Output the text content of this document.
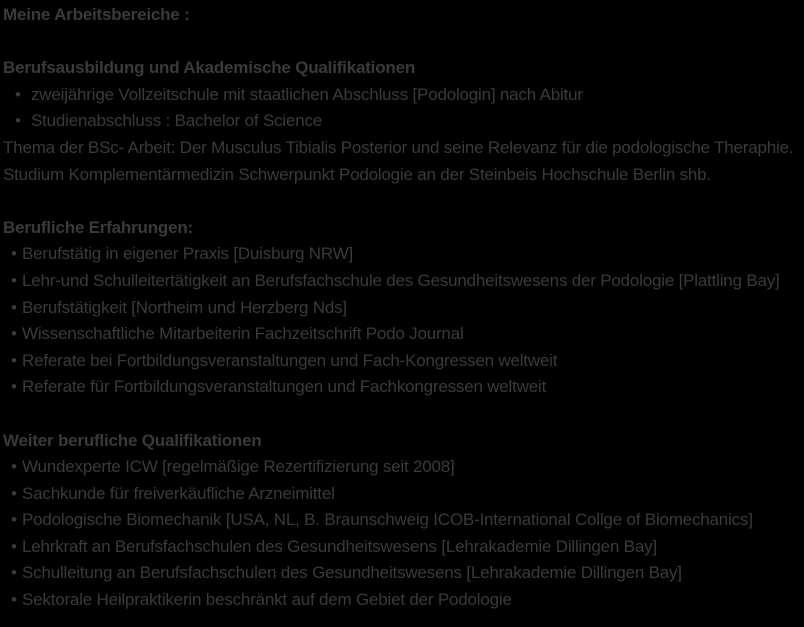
Meine Arbeitsbereiche :

Berufsausbildung und Akademische Qualifikationen

• zweijährige Vollzeitschule mit staatlichen Abschluss [Podologin] nach Abitur
• Studienabschluss : Bachelor of Science

Thema der BSc- Arbeit: Der Musculus Tibialis Posterior und seine Relevanz für die podologische Theraphie.

Studium Komplementärmedizin Schwerpunkt Podologie an der Steinbeis Hochschule Berlin shb.

Berufliche Erfahrungen:

• Berufstätig in eigener Praxis [Duisburg NRW]
• Lehr-und Schulleitertätigkeit an Berufsfachschule des Gesundheitswesens der Podologie [Plattling Bay]
• Berufstätigkeit [Northeim und Herzberg Nds]
• Wissenschaftliche Mitarbeiterin Fachzeitschrift Podo Journal
• Referate bei Fortbildungsveranstaltungen und Fach-Kongressen weltweit
• Referate für Fortbildungsveranstaltungen und Fachkongressen weltweit

Weiter berufliche Qualifikationen

• Wundexperte ICW [regelmäßige Rezertifizierung seit 2008]
• Sachkunde für freiverkäufliche Arzneimittel
• Podologische Biomechanik [USA, NL, B. Braunschweig ICOB-International Collge of Biomechanics]
• Lehrkraft an Berufsfachschulen des Gesundheitswesens [Lehrakademie Dillingen Bay]
• Schulleitung an Berufsfachschulen des Gesundheitswesens [Lehrakademie Dillingen Bay]
• Sektorale Heilpraktikerin beschränkt auf dem Gebiet der Podologie
